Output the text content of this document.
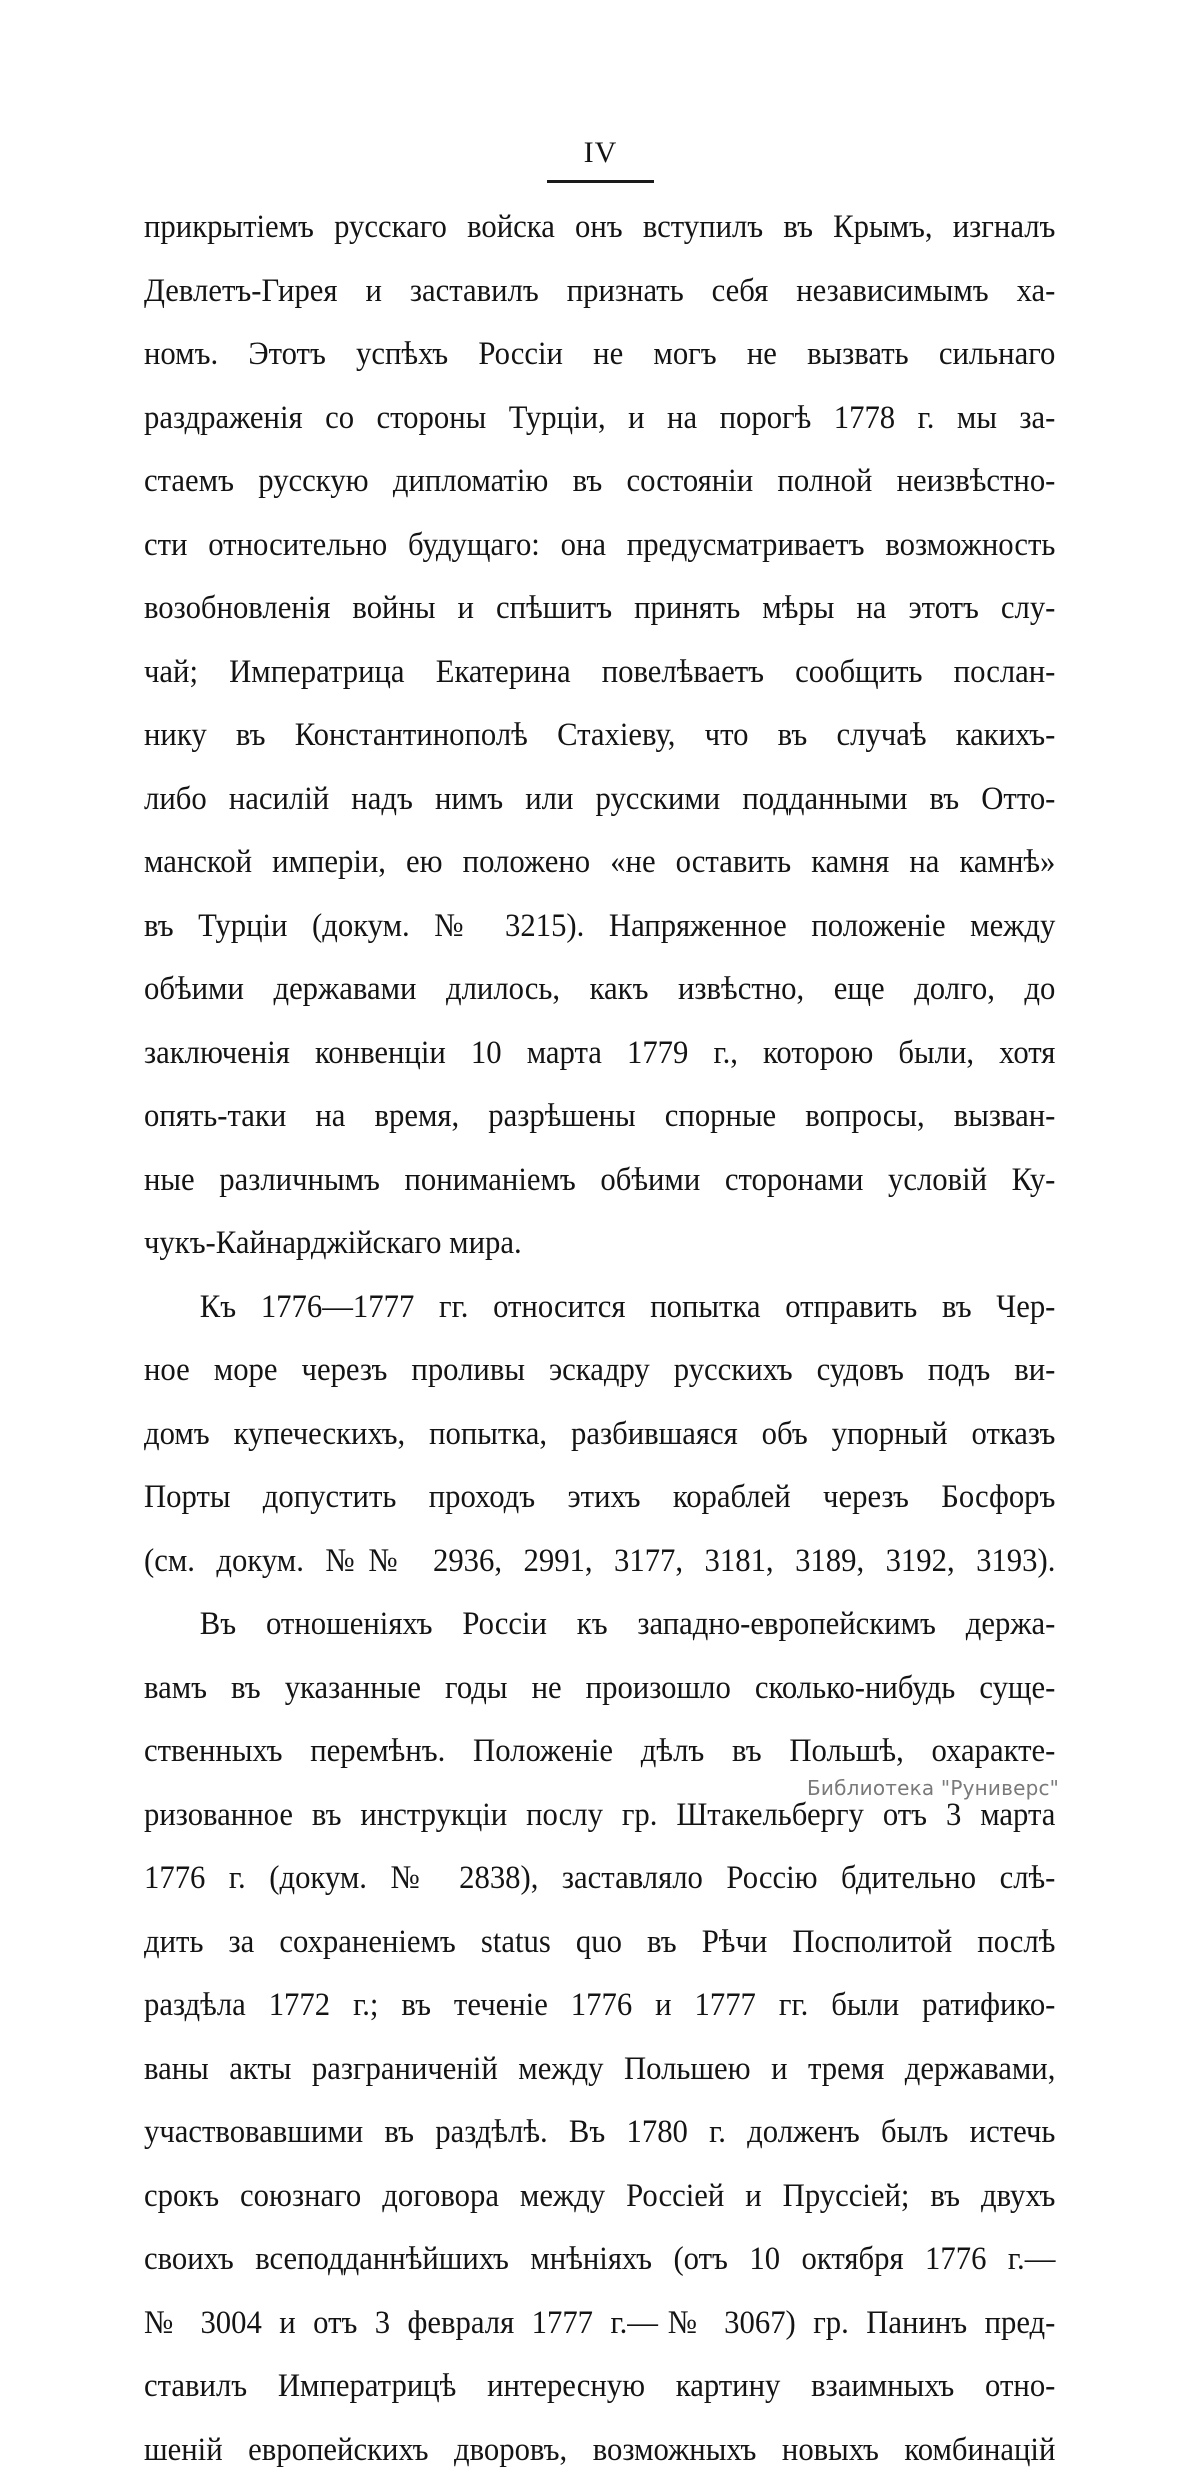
IV
прикрытіемъ русскаго войска онъ вступилъ въ Крымъ, изгналъ
Девлетъ-Гирея и заставилъ признать себя независимымъ ха-
номъ. Этотъ успѣхъ Россіи не могъ не вызвать сильнаго
раздраженія со стороны Турціи, и на порогѣ 1778 г. мы за-
стаемъ русскую дипломатію въ состояніи полной неизвѣстно-
сти относительно будущаго: она предусматриваетъ возможность
возобновленія войны и спѣшитъ принять мѣры на этотъ слу-
чай; Императрица Екатерина повелѣваетъ сообщить послан-
нику въ Константинополѣ Стахіеву, что въ случаѣ какихъ-
либо насилій надъ нимъ или русскими подданными въ Отто-
манской имперіи, ею положено «не оставить камня на камнѣ»
въ Турціи (докум. № 3215). Напряженное положеніе между
обѣими державами длилось, какъ извѣстно, еще долго, до
заключенія конвенціи 10 марта 1779 г., которою были, хотя
опять-таки на время, разрѣшены спорные вопросы, вызван-
ные различнымъ пониманіемъ обѣими сторонами условій Ку-
чукъ-Кайнарджійскаго мира.
Къ 1776—1777 гг. относится попытка отправить въ Чер-
ное море черезъ проливы эскадру русскихъ судовъ подъ ви-
домъ купеческихъ, попытка, разбившаяся объ упорный отказъ
Порты допустить проходъ этихъ кораблей черезъ Босфоръ
(см. докум. №№ 2936, 2991, 3177, 3181, 3189, 3192, 3193).
Въ отношеніяхъ Россіи къ западно-европейскимъ держа-
вамъ въ указанные годы не произошло сколько-нибудь суще-
ственныхъ перемѣнъ. Положеніе дѣлъ въ Польшѣ, охаракте-
ризованное въ инструкціи послу гр. Штакельбергу отъ 3 марта
1776 г. (докум. № 2838), заставляло Россію бдительно слѣ-
дить за сохраненіемъ status quo въ Рѣчи Посполитой послѣ
раздѣла 1772 г.; въ теченіе 1776 и 1777 гг. были ратифико-
ваны акты разграниченій между Польшею и тремя державами,
участвовавшими въ раздѣлѣ. Въ 1780 г. долженъ былъ истечь
срокъ союзнаго договора между Россіей и Пруссіей; въ двухъ
своихъ всеподданнѣйшихъ мнѣніяхъ (отъ 10 октября 1776 г.—
№ 3004 и отъ 3 февраля 1777 г.—№ 3067) гр. Панинъ пред-
ставилъ Императрицѣ интересную картину взаимныхъ отно-
шеній европейскихъ дворовъ, возможныхъ новыхъ комбинацій
Библиотека "Руниверс"
